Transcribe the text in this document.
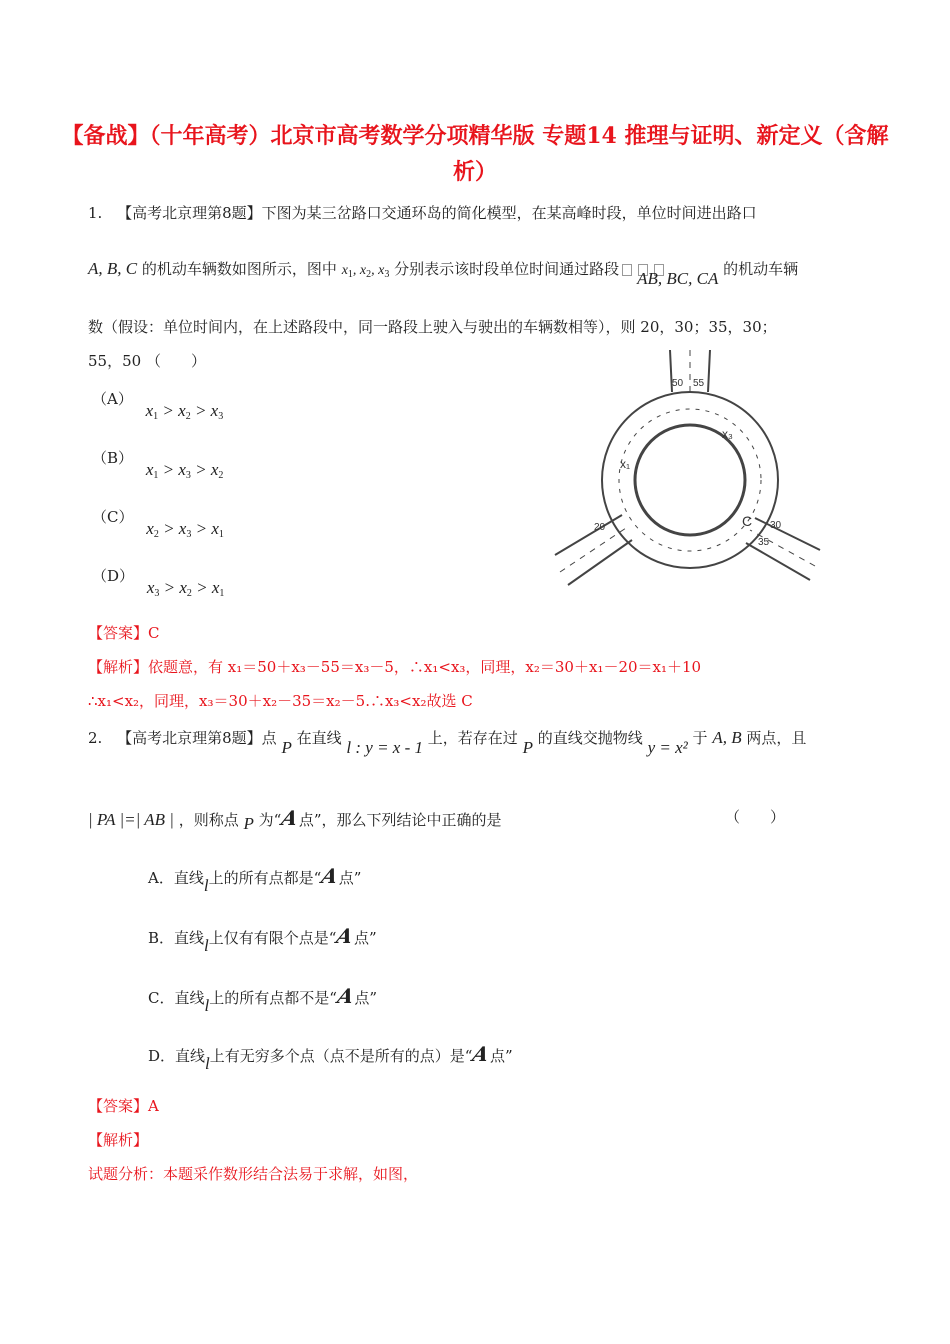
【备战】（十年高考）北京市高考数学分项精华版 专题14 推理与证明、新定义（含解析）
1. 【高考北京理第8题】下图为某三岔路口交通环岛的简化模型，在某高峰时段，单位时间进出路口
A, B, C 的机动车辆数如图所示，图中 $x_1$, $x_2$, $x_3$ 分别表示该时段单位时间通过路段 AB, BC, CA 的机动车辆
数（假设：单位时间内，在上述路段中，同一路段上驶入与驶出的车辆数相等），则 20，30；35，30；
55，50 （　　）
（A） x1 > x2 > x3
（B） x1 > x3 > x2
（C） x2 > x3 > x1
（D） x3 > x2 > x1
50 55
x₃
x₁
C
20	30
35
【答案】C
【解析】依题意，有 x₁＝50＋x₃－55＝x₃－5，∴x₁<x₃，同理，x₂＝30＋x₁－20＝x₁＋10
∴x₁<x₂，同理，x₃＝30＋x₂－35＝x₂－5.∴x₃<x₂故选 C
2. 【高考北京理第8题】点 P 在直线 l : y = x - 1 上，若存在过 P 的直线交抛物线 y = x² 于 A, B 两点，且
| PA |=| AB | ，则称点 P 为“A点”，那么下列结论中正确的是	（　　）
A．直线l上的所有点都是“A点”
B．直线l上仅有有限个点是“A点”
C．直线l上的所有点都不是“A点”
D．直线l上有无穷多个点（点不是所有的点）是“A点”
【答案】A
【解析】
试题分析：本题采作数形结合法易于求解，如图，
